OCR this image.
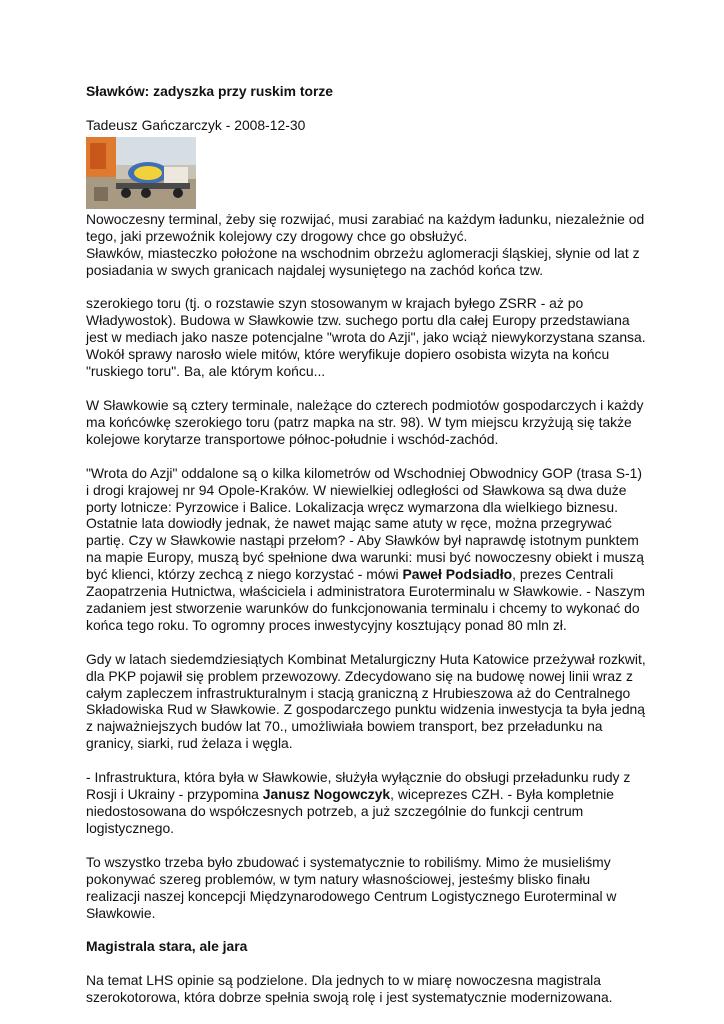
Sławków: zadyszka przy ruskim torze
Tadeusz Gańczarczyk - 2008-12-30

Nowoczesny terminal, żeby się rozwijać, musi zarabiać na każdym ładunku, niezależnie od tego, jaki przewoźnik kolejowy czy drogowy chce go obsłużyć.
Sławków, miasteczko położone na wschodnim obrzeżu aglomeracji śląskiej, słynie od lat z posiadania w swych granicach najdalej wysuniętego na zachód końca tzw.

szerokiego toru (tj. o rozstawie szyn stosowanym w krajach byłego ZSRR - aż po Władywostok). Budowa w Sławkowie tzw. suchego portu dla całej Europy przedstawiana jest w mediach jako nasze potencjalne "wrota do Azji", jako wciąż niewykorzystana szansa. Wokół sprawy narosło wiele mitów, które weryfikuje dopiero osobista wizyta na końcu "ruskiego toru". Ba, ale którym końcu...

W Sławkowie są cztery terminale, należące do czterech podmiotów gospodarczych i każdy ma końcówkę szerokiego toru (patrz mapka na str. 98). W tym miejscu krzyżują się także kolejowe korytarze transportowe północ-południe i wschód-zachód.

"Wrota do Azji" oddalone są o kilka kilometrów od Wschodniej Obwodnicy GOP (trasa S-1) i drogi krajowej nr 94 Opole-Kraków. W niewielkiej odległości od Sławkowa są dwa duże porty lotnicze: Pyrzowice i Balice. Lokalizacja wręcz wymarzona dla wielkiego biznesu. Ostatnie lata dowiodły jednak, że nawet mając same atuty w ręce, można przegrywać partię. Czy w Sławkowie nastąpi przełom? - Aby Sławków był naprawdę istotnym punktem na mapie Europy, muszą być spełnione dwa warunki: musi być nowoczesny obiekt i muszą być klienci, którzy zechcą z niego korzystać - mówi Paweł Podsiadło, prezes Centrali Zaopatrzenia Hutnictwa, właściciela i administratora Euroterminalu w Sławkowie. - Naszym zadaniem jest stworzenie warunków do funkcjonowania terminalu i chcemy to wykonać do końca tego roku. To ogromny proces inwestycyjny kosztujący ponad 80 mln zł.

Gdy w latach siedemdziesiątych Kombinat Metalurgiczny Huta Katowice przeżywał rozkwit, dla PKP pojawił się problem przewozowy. Zdecydowano się na budowę nowej linii wraz z całym zapleczem infrastrukturalnym i stacją graniczną z Hrubieszowa aż do Centralnego Składowiska Rud w Sławkowie. Z gospodarczego punktu widzenia inwestycja ta była jedną z najważniejszych budów lat 70., umożliwiała bowiem transport, bez przeładunku na granicy, siarki, rud żelaza i węgla.

- Infrastruktura, która była w Sławkowie, służyła wyłącznie do obsługi przeładunku rudy z Rosji i Ukrainy - przypomina Janusz Nogowczyk, wiceprezes CZH. - Była kompletnie niedostosowana do współczesnych potrzeb, a już szczególnie do funkcji centrum logistycznego.

To wszystko trzeba było zbudować i systematycznie to robiliśmy. Mimo że musieliśmy pokonywać szereg problemów, w tym natury własnościowej, jesteśmy blisko finału realizacji naszej koncepcji Międzynarodowego Centrum Logistycznego Euroterminal w Sławkowie.

Magistrala stara, ale jara

Na temat LHS opinie są podzielone. Dla jednych to w miarę nowoczesna magistrala szerokotorowa, która dobrze spełnia swoją rolę i jest systematycznie modernizowana.
